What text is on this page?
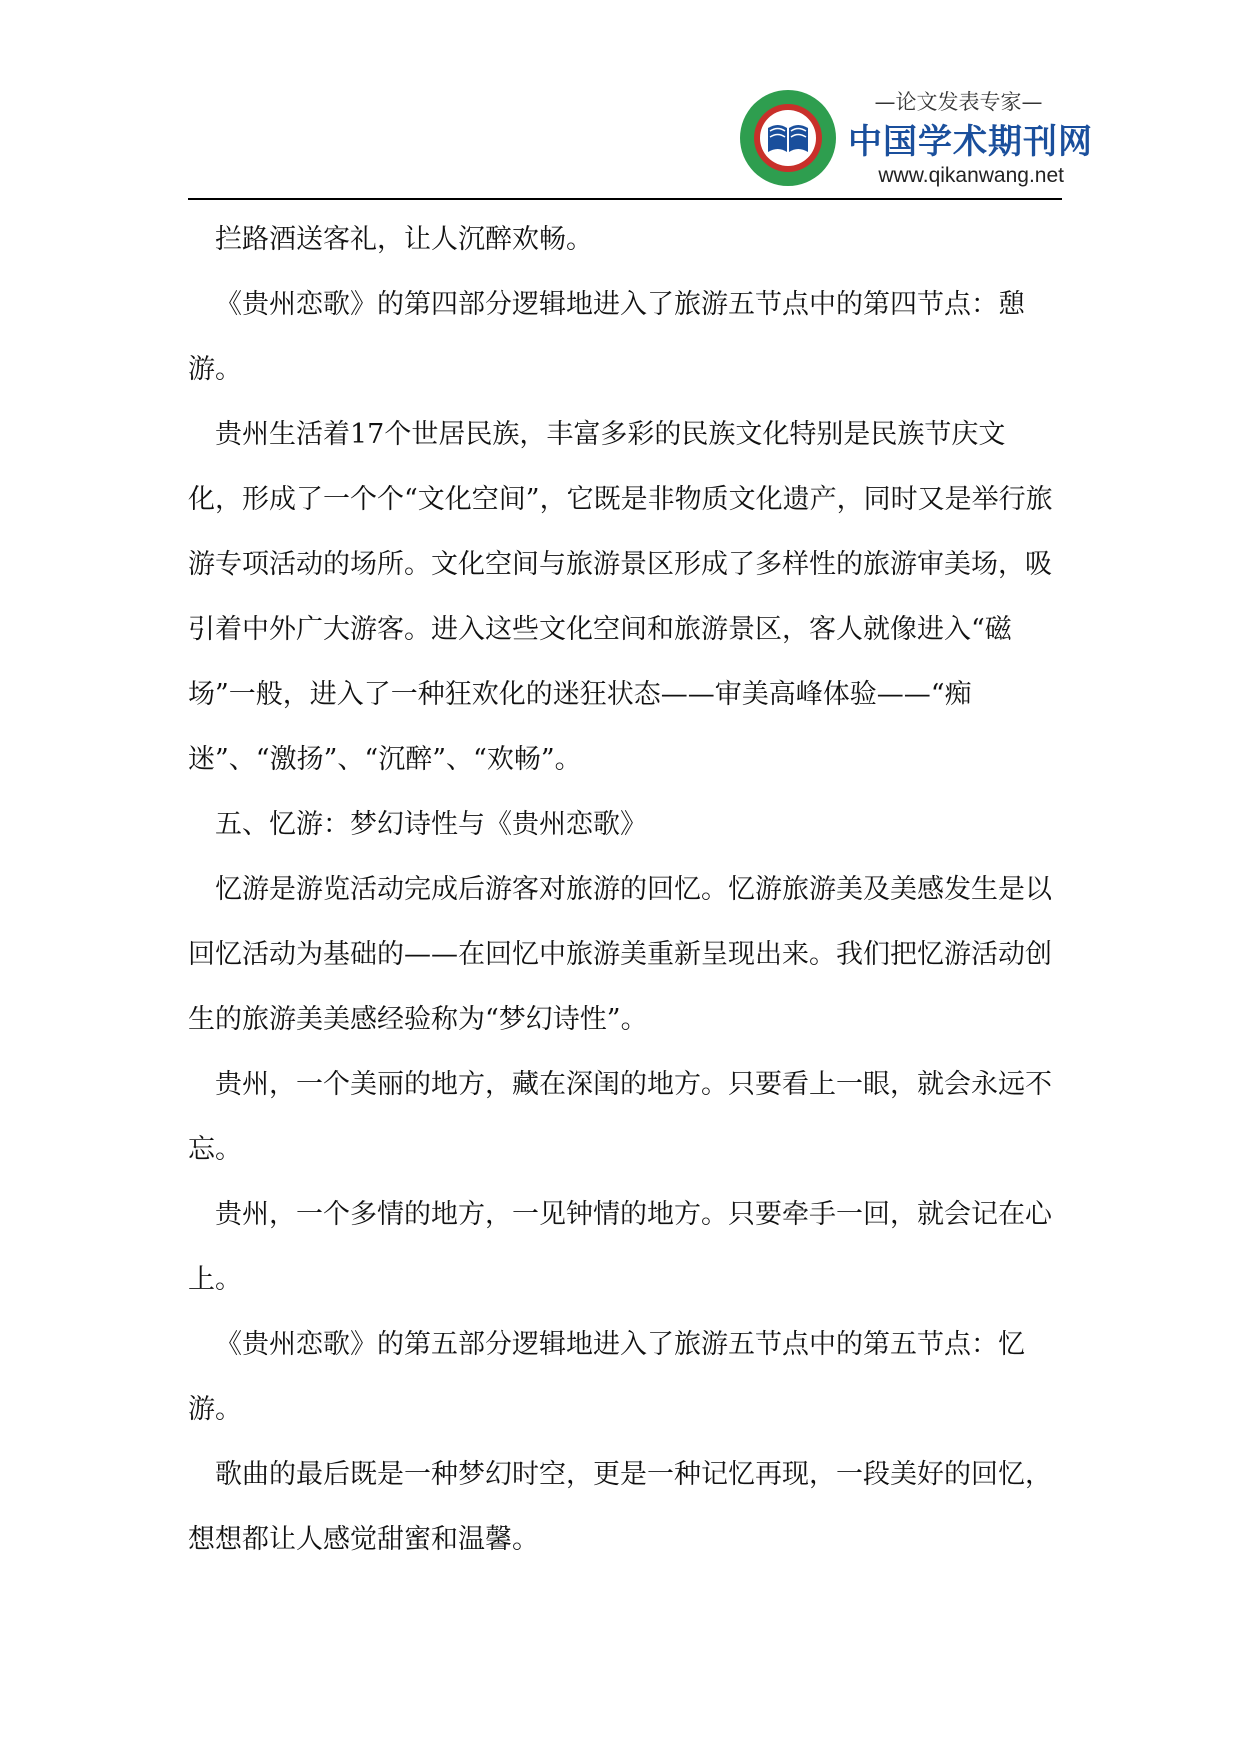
—论文发表专家—
中国学术期刊网
www.qikanwang.net

拦路酒送客礼，让人沉醉欢畅。

《贵州恋歌》的第四部分逻辑地进入了旅游五节点中的第四节点：憩游。

贵州生活着17个世居民族，丰富多彩的民族文化特别是民族节庆文化，形成了一个个“文化空间”，它既是非物质文化遗产，同时又是举行旅游专项活动的场所。文化空间与旅游景区形成了多样性的旅游审美场，吸引着中外广大游客。进入这些文化空间和旅游景区，客人就像进入“磁场”一般，进入了一种狂欢化的迷狂状态——审美高峰体验——“痴迷”、“激扬”、“沉醉”、“欢畅”。

五、忆游：梦幻诗性与《贵州恋歌》

忆游是游览活动完成后游客对旅游的回忆。忆游旅游美及美感发生是以回忆活动为基础的——在回忆中旅游美重新呈现出来。我们把忆游活动创生的旅游美美感经验称为“梦幻诗性”。

贵州，一个美丽的地方，藏在深闺的地方。只要看上一眼，就会永远不忘。

贵州，一个多情的地方，一见钟情的地方。只要牵手一回，就会记在心上。

《贵州恋歌》的第五部分逻辑地进入了旅游五节点中的第五节点：忆游。

歌曲的最后既是一种梦幻时空，更是一种记忆再现，一段美好的回忆，想想都让人感觉甜蜜和温馨。
